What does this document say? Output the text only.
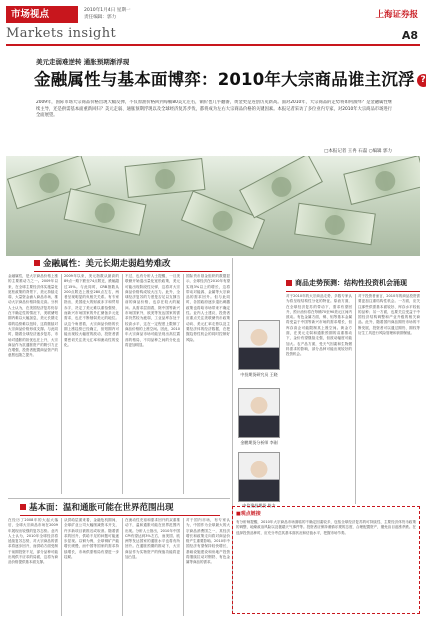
市场视点	2010年1月4日 星期一
责任编辑：郭力	上海证券报
Markets insight	A8
美元走弱难逆转 通胀预期渐浮现
金融属性与基本面博弈：2010年大宗商品谁主沉浮 ?
2009年，国际市场大宗商品价格出现大幅反弹，不仅原油价格回到每桶80美元左右，铜价也几乎翻番，黄金更是连创历史新高。面对2010年，大宗商品的走势将如何演绎？是金融属性继续主导，还是供需基本面重新回归？美元走弱、通胀预期浮现以及全球经济复苏步伐，都将成为左右大宗商品价格的关键因素。本报记者采访了多位业内专家，对2010年大宗商品市场进行全面展望。
□本报记者 王冉 石磊 ○编辑 郭力
金融属性：美元长期走弱趋势难改
金融属性，是大宗商品价格上涨的主要推动力之一。2009年以来，在全球主要经济体实施量化宽松政策的背景下，美元持续走弱，大量资金涌入商品市场，推动大宗商品价格持续走高。分析人士认为，在美国经济复苏仍存在不确定性的情况下，美联储短期内难以大幅加息，美元长期走弱的趋势难以扭转，这将继续对大宗商品价格形成支撑。与此同时，随着全球经济逐步复苏，市场对通胀的担忧也在上升，大宗商品作为抗通胀资产的吸引力正在增强，投资者配置商品资产的意愿也随之提升。
2009年以来，美元指数从最高的89点一路下跌至74点附近，跌幅超过15%。与此同时，CRB指数从200点附近上涨至280点左右，两者呈现明显的负相关关系。有专家指出，美国庞大的财政赤字和贸易赤字，决定了美元难以重拾强势，而新兴市场国家的外汇储备多元化需求，也在不断削弱美元的地位。从这个角度看，大宗商品价格的长期上涨趋势已经确立，但短期内可能出现较大幅度的波动，投资者需要密切关注美元汇率和流动性的变化。
不过，也有分析人士提醒，一旦美联储开始退出量化宽松政策，美元可能出现阶段性反弹，这将对大宗商品价格构成较大压力。此外，全球经济复苏的力度是否足以支撑当前的商品价格，也存在较大的疑问。从需求层面看，除中国等新兴市场国家外，欧美等发达国家的需求仍然较为疲弱，工业品库存处于较高水平，这在一定程度上限制了商品价格的上涨空间。因此，2010年大宗商品市场可能呈现出高位震荡的格局，不同品种之间的分化也将更加明显。
国际货币基金组织的数据显示，全球经济在2010年有望实现3%以上的增长，这将带动对能源、金属等大宗商品的需求回升。但与此同时，各国政府逐步退出刺激政策也将给市场带来不确定性。业内人士建议，投资者应重点关注美联储货币政策动向、美元汇率走势以及主要经济体的经济数据，在把握趋势性机会的同时控制好风险。
基本面：温和通胀可能在世界范围出现
在经历了2008年的大起大落后，全球大宗商品市场在2009年展现出较强的复苏态势。业内人士认为，2010年全球经济将延续复苏态势，对大宗商品的需求将逐步回升，而供给方面受制于前期投资不足，部分品种可能出现供不应求的局面，这将为商品价格提供基本面支撑。
从供给层面来看，金融危机期间，全球矿业公司大幅削减资本开支，许多新项目被推迟或取消。随着需求的回升，供给不足的问题可能逐步显现。以铜为例，全球铜矿产能增长缓慢，而中国等国家的需求持续增长，市场供需格局有望进一步趋紧。
在流动性充裕和需求回升的双重推动下，温和通胀可能在世界范围内出现。分析人士指出，2010年中国CPI有望达到3%左右，而美国、欧洲等发达国家的通胀水平也将有所回升。在通胀预期的推动下，大宗商品作为实物资产的保值功能将更加凸显。
对于国内市场，有专家认为，中国作为全球最大的大宗商品消费国之一，其经济增长和政策走向将对商品价格产生重要影响。2010年中国经济有望保持较快增长，基础设施建设和房地产投资将继续拉动对钢铁、有色金属等商品的需求。
中投期货研究员 王晓
金鹏期货分析师 李刚
中信建投期货 陈力
商品走势预测：结构性投资机会涌现
对于2010年的大宗商品走势，多数专家认为将呈现结构性分化的特征。原油方面，在全球经济复苏的带动下，需求有望回升，预计油价将在每桶70至90美元区间内波动。有色金属方面，铜、铝等基本金属将受益于中国等新兴市场的需求增长，但库存高企可能限制其上涨空间。黄金方面，在美元走弱和通胀预期的双重推动下，金价有望继续走强，但波动幅度可能加大。农产品方面，受天气因素和生物燃料需求的影响，部分品种可能出现较好的投资机会。
对于投资者而言，2010年的商品投资需要更加注重结构性机会。一方面，应关注那些供需基本面较好、库存水平较低的品种；另一方面，也要关注受益于中国经济结构调整和产业升级的相关商品。此外，随着国内商品期货市场的不断发展，投资者可以通过期货、期权等衍生工具进行风险管理和套期保值。
■观点链接
有分析师提醒，2010年大宗商品市场面临的不确定因素较多，包括全球经济复苏的可持续性、主要经济体货币政策的调整、地缘政治风险以及极端天气事件等。投资者应保持谨慎乐观的态度，合理配置资产，避免盲目追涨杀跌。在选择投资品种时，应充分考虑其基本面状况和估值水平，把握市场节奏。
